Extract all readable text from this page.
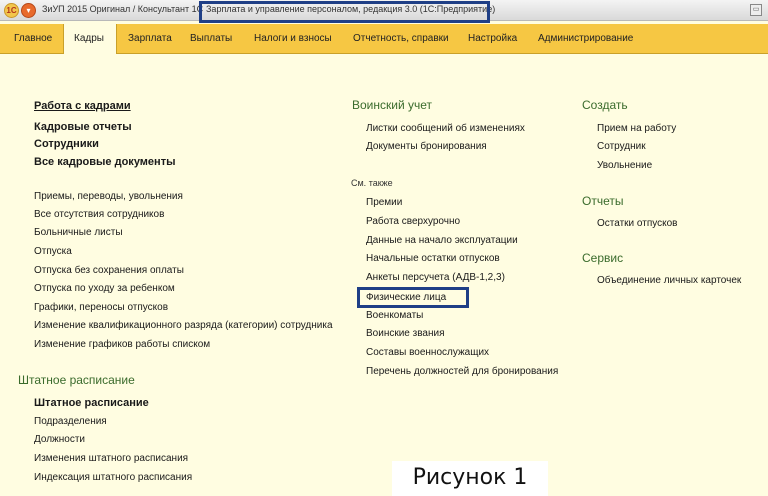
1С	▾	ЗиУП 2015 Оригинал / Консультант 1С Зарплата и управление персоналом, редакция 3.0 (1С:Предприятие)	▭
Главное	Кадры	Зарплата	Выплаты	Налоги и взносы	Отчетность, справки	Настройка	Администрирование
Работа с кадрами
Кадровые отчеты
Сотрудники
Все кадровые документы
Приемы, переводы, увольнения
Все отсутствия сотрудников
Больничные листы
Отпуска
Отпуска без сохранения оплаты
Отпуска по уходу за ребенком
Графики, переносы отпусков
Изменение квалификационного разряда (категории) сотрудника
Изменение графиков работы списком
Штатное расписание
Штатное расписание
Подразделения
Должности
Изменения штатного расписания
Индексация штатного расписания
Воинский учет
Листки сообщений об изменениях
Документы бронирования
См. также
Премии
Работа сверхурочно
Данные на начало эксплуатации
Начальные остатки отпусков
Анкеты персучета (АДВ-1,2,3)
Физические лица
Военкоматы
Воинские звания
Составы военнослужащих
Перечень должностей для бронирования
Создать
Прием на работу
Сотрудник
Увольнение
Отчеты
Остатки отпусков
Сервис
Объединение личных карточек
Рисунок 1
